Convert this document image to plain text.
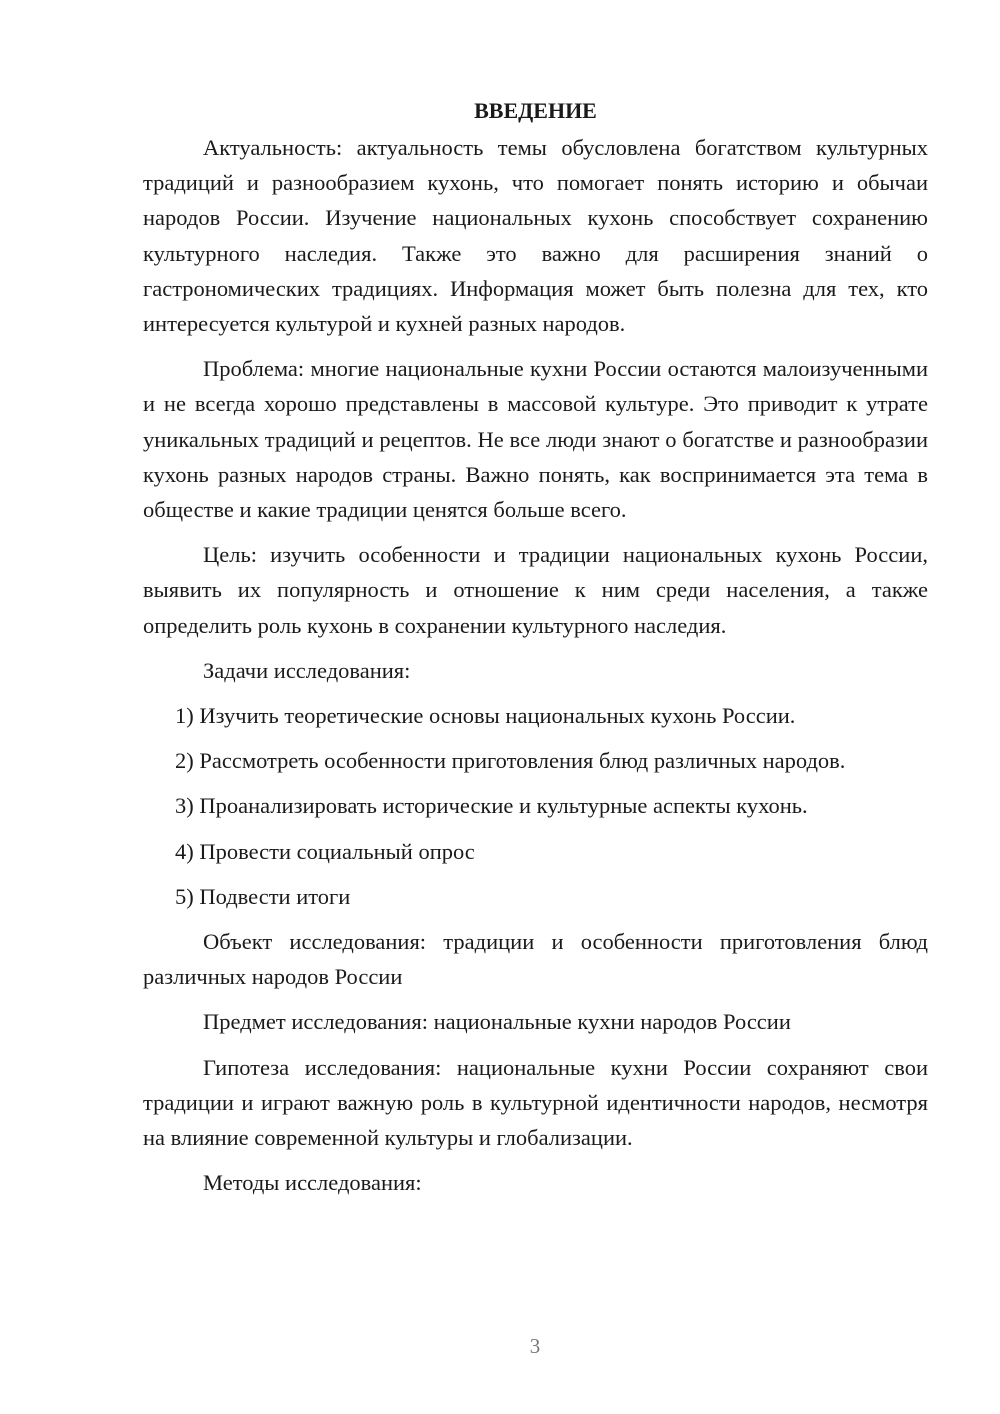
ВВЕДЕНИЕ

Актуальность: актуальность темы обусловлена богатством культурных традиций и разнообразием кухонь, что помогает понять историю и обычаи народов России. Изучение национальных кухонь способствует сохранению культурного наследия. Также это важно для расширения знаний о гастрономических традициях. Информация может быть полезна для тех, кто интересуется культурой и кухней разных народов.

Проблема: многие национальные кухни России остаются малоизученными и не всегда хорошо представлены в массовой культуре. Это приводит к утрате уникальных традиций и рецептов. Не все люди знают о богатстве и разнообразии кухонь разных народов страны. Важно понять, как воспринимается эта тема в обществе и какие традиции ценятся больше всего.

Цель: изучить особенности и традиции национальных кухонь России, выявить их популярность и отношение к ним среди населения, а также определить роль кухонь в сохранении культурного наследия.

Задачи исследования:

1) Изучить теоретические основы национальных кухонь России.
2) Рассмотреть особенности приготовления блюд различных народов.
3) Проанализировать исторические и культурные аспекты кухонь.
4) Провести социальный опрос
5) Подвести итоги

Объект исследования: традиции и особенности приготовления блюд различных народов России

Предмет исследования: национальные кухни народов России

Гипотеза исследования: национальные кухни России сохраняют свои традиции и играют важную роль в культурной идентичности народов, несмотря на влияние современной культуры и глобализации.

Методы исследования:

3
